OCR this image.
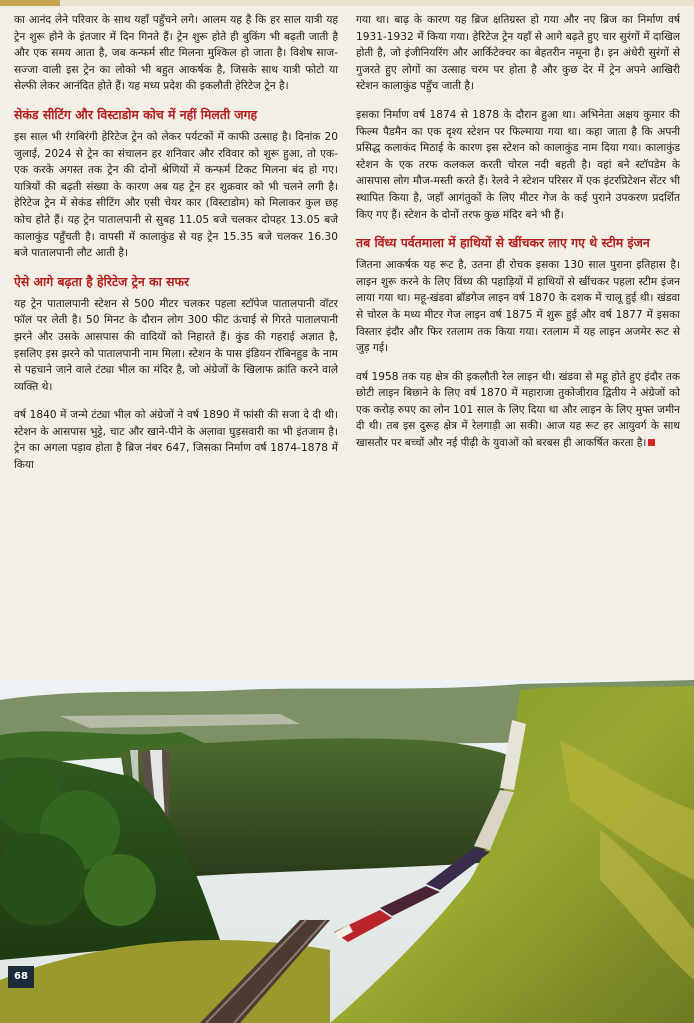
का आनंद लेने परिवार के साथ यहाँ पहुँचने लगे। आलम यह है कि हर साल यात्री यह ट्रेन शुरू होने के इंतजार में दिन गिनते हैं। ट्रेन शुरू होते ही बुकिंग भी बढ़ती जाती है और एक समय आता है, जब कन्फर्म सीट मिलना मुश्किल हो जाता है। विशेष साज-सज्जा वाली इस ट्रेन का लोको भी बहुत आकर्षक है, जिसके साथ यात्री फोटो या सेल्फी लेकर आनंदित होते हैं। यह मध्य प्रदेश की इकलौती हेरिटेज ट्रेन है।

सेकंड सीटिंग और विस्टाडोम कोच में नहीं मिलती जगह

इस साल भी रंगबिरंगी हेरिटेज ट्रेन को लेकर पर्यटकों में काफी उत्साह है। दिनांक 20 जुलाई, 2024 से ट्रेन का संचालन हर शनिवार और रविवार को शुरू हुआ, तो एक-एक करके अगस्त तक ट्रेन की दोनों श्रेणियों में कन्फर्म टिकट मिलना बंद हो गए। यात्रियों की बढ़ती संख्या के कारण अब यह ट्रेन हर शुक्रवार को भी चलने लगी है। हेरिटेज ट्रेन में सेकंड सीटिंग और एसी चेयर कार (विस्टाडोम) को मिलाकर कुल छह कोच होते हैं। यह ट्रेन पातालपानी से सुबह 11.05 बजे चलकर दोपहर 13.05 बजे कालाकुंड पहुँचती है। वापसी में कालाकुंड से यह ट्रेन 15.35 बजे चलकर 16.30 बजे पातालपानी लौट आती है।

ऐसे आगे बढ़ता है हेरिटेज ट्रेन का सफर

यह ट्रेन पातालपानी स्टेशन से 500 मीटर चलकर पहला स्टॉपेज पातालपानी वॉटर फॉल पर लेती है। 50 मिनट के दौरान लोग 300 फीट ऊंचाई से गिरते पातालपानी झरने और उसके आसपास की वादियों को निहारते हैं। कुंड की गहराई अज्ञात है, इसलिए इस झरने को पातालपानी नाम मिला। स्टेशन के पास इंडियन रॉबिनहुड के नाम से पहचाने जाने वाले टंट्या भील का मंदिर है, जो अंग्रेजों के खिलाफ क्रांति करने वाले व्यक्ति थे।

वर्ष 1840 में जन्मे टंट्या भील को अंग्रेजों ने वर्ष 1890 में फांसी की सजा दे दी थी। स्टेशन के आसपास भुट्टे, चाट और खाने-पीने के अलावा घुड़सवारी का भी इंतजाम है। ट्रेन का अगला पड़ाव होता है ब्रिज नंबर 647, जिसका निर्माण वर्ष 1874-1878 में किया

गया था। बाढ़ के कारण यह ब्रिज क्षतिग्रस्त हो गया और नए ब्रिज का निर्माण वर्ष 1931-1932 में किया गया। हेरिटेज ट्रेन यहाँ से आगे बढ़ते हुए चार सुरंगों में दाखिल होती है, जो इंजीनियरिंग और आर्किटेक्चर का बेहतरीन नमूना है। इन अंधेरी सुरंगों से गुजरते हुए लोगों का उत्साह चरम पर होता है और कुछ देर में ट्रेन अपने आखिरी स्टेशन कालाकुंड पहुँच जाती है।

इसका निर्माण वर्ष 1874 से 1878 के दौरान हुआ था। अभिनेता अक्षय कुमार की फिल्म पैडमैन का एक दृश्य स्टेशन पर फिल्माया गया था। कहा जाता है कि अपनी प्रसिद्ध कलाकंद मिठाई के कारण इस स्टेशन को कालाकुंड नाम दिया गया। कालाकुंड स्टेशन के एक तरफ कलकल करती चोरल नदी बहती है। वहां बने स्टॉपडेम के आसपास लोग मौज-मस्ती करते हैं। रेलवे ने स्टेशन परिसर में एक इंटरप्रिटेशन सेंटर भी स्थापित किया है, जहाँ आगंतुकों के लिए मीटर गेज के कई पुराने उपकरण प्रदर्शित किए गए हैं। स्टेशन के दोनों तरफ कुछ मंदिर बने भी हैं।

तब विंध्य पर्वतमाला में हाथियों से खींचकर लाए गए थे स्टीम इंजन

जितना आकर्षक यह रूट है, उतना ही रोचक इसका 130 साल पुराना इतिहास है। लाइन शुरू करने के लिए विंध्य की पहाड़ियों में हाथियों से खींचकर पहला स्टीम इंजन लाया गया था। महू-खंडवा ब्रॉडगेज लाइन वर्ष 1870 के दशक में चालू हुई थी। खंडवा से चोरल के मध्य मीटर गेज लाइन वर्ष 1875 में शुरू हुई और वर्ष 1877 में इसका विस्तार इंदौर और फिर रतलाम तक किया गया। रतलाम में यह लाइन अजमेर रूट से जुड़ गई।

वर्ष 1958 तक यह क्षेत्र की इकलौती रेल लाइन थी। खंडवा से महू होते हुए इंदौर तक छोटी लाइन बिछाने के लिए वर्ष 1870 में महाराजा तुकोजीराव द्वितीय ने अंग्रेजों को एक करोड़ रुपए का लोन 101 साल के लिए दिया था और लाइन के लिए मुफ्त जमीन दी थी। तब इस दुरूह क्षेत्र में रेलगाड़ी आ सकी। आज यह रूट हर आयुवर्ग के साथ खासतौर पर बच्चों और नई पीढ़ी के युवाओं को बरबस ही आकर्षित करता है।

68
